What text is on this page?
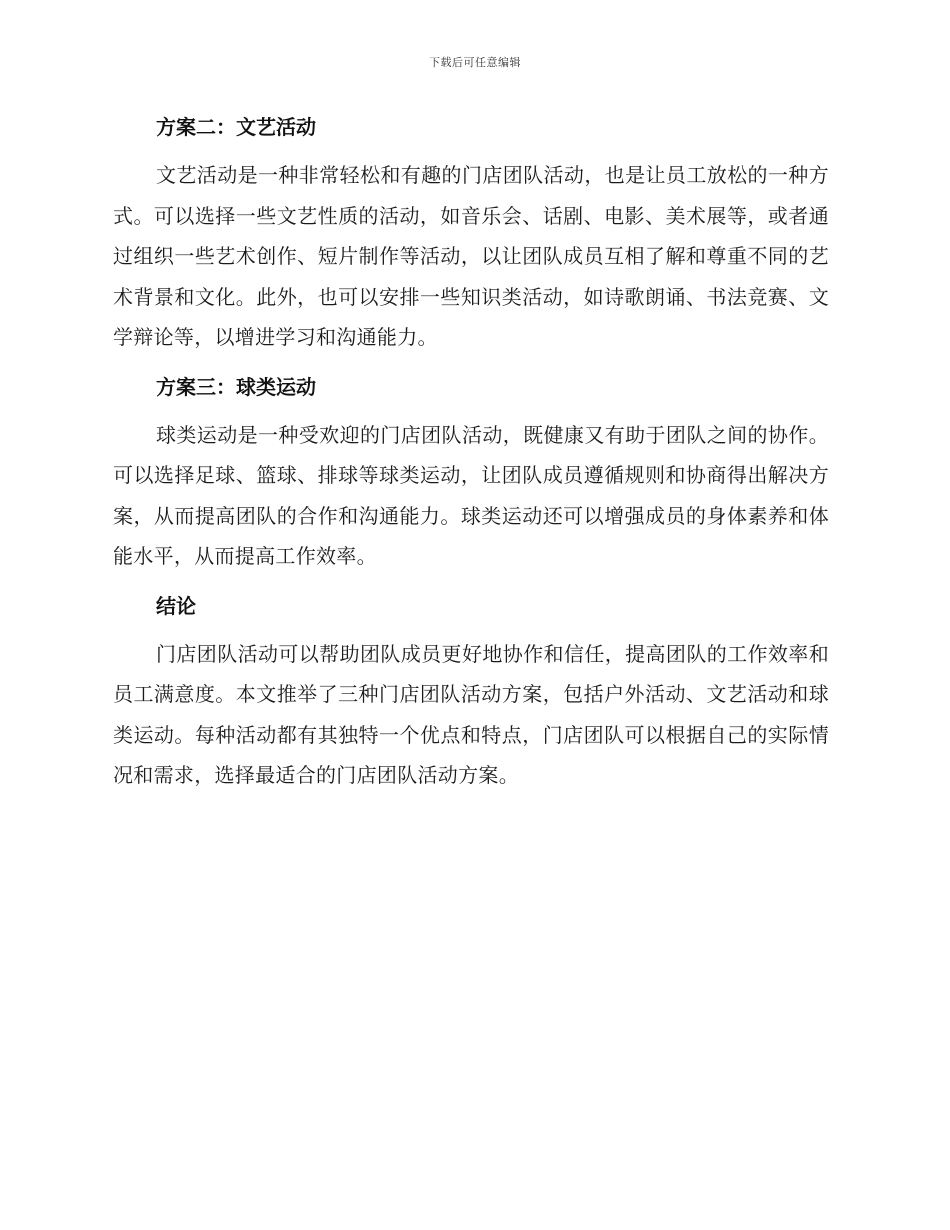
下载后可任意编辑
方案二：文艺活动

文艺活动是一种非常轻松和有趣的门店团队活动，也是让员工放松的一种方式。可以选择一些文艺性质的活动，如音乐会、话剧、电影、美术展等，或者通过组织一些艺术创作、短片制作等活动，以让团队成员互相了解和尊重不同的艺术背景和文化。此外，也可以安排一些知识类活动，如诗歌朗诵、书法竞赛、文学辩论等，以增进学习和沟通能力。

方案三：球类运动

球类运动是一种受欢迎的门店团队活动，既健康又有助于团队之间的协作。可以选择足球、篮球、排球等球类运动，让团队成员遵循规则和协商得出解决方案，从而提高团队的合作和沟通能力。球类运动还可以增强成员的身体素养和体能水平，从而提高工作效率。

结论

门店团队活动可以帮助团队成员更好地协作和信任，提高团队的工作效率和员工满意度。本文推举了三种门店团队活动方案，包括户外活动、文艺活动和球类运动。每种活动都有其独特一个优点和特点，门店团队可以根据自己的实际情况和需求，选择最适合的门店团队活动方案。
